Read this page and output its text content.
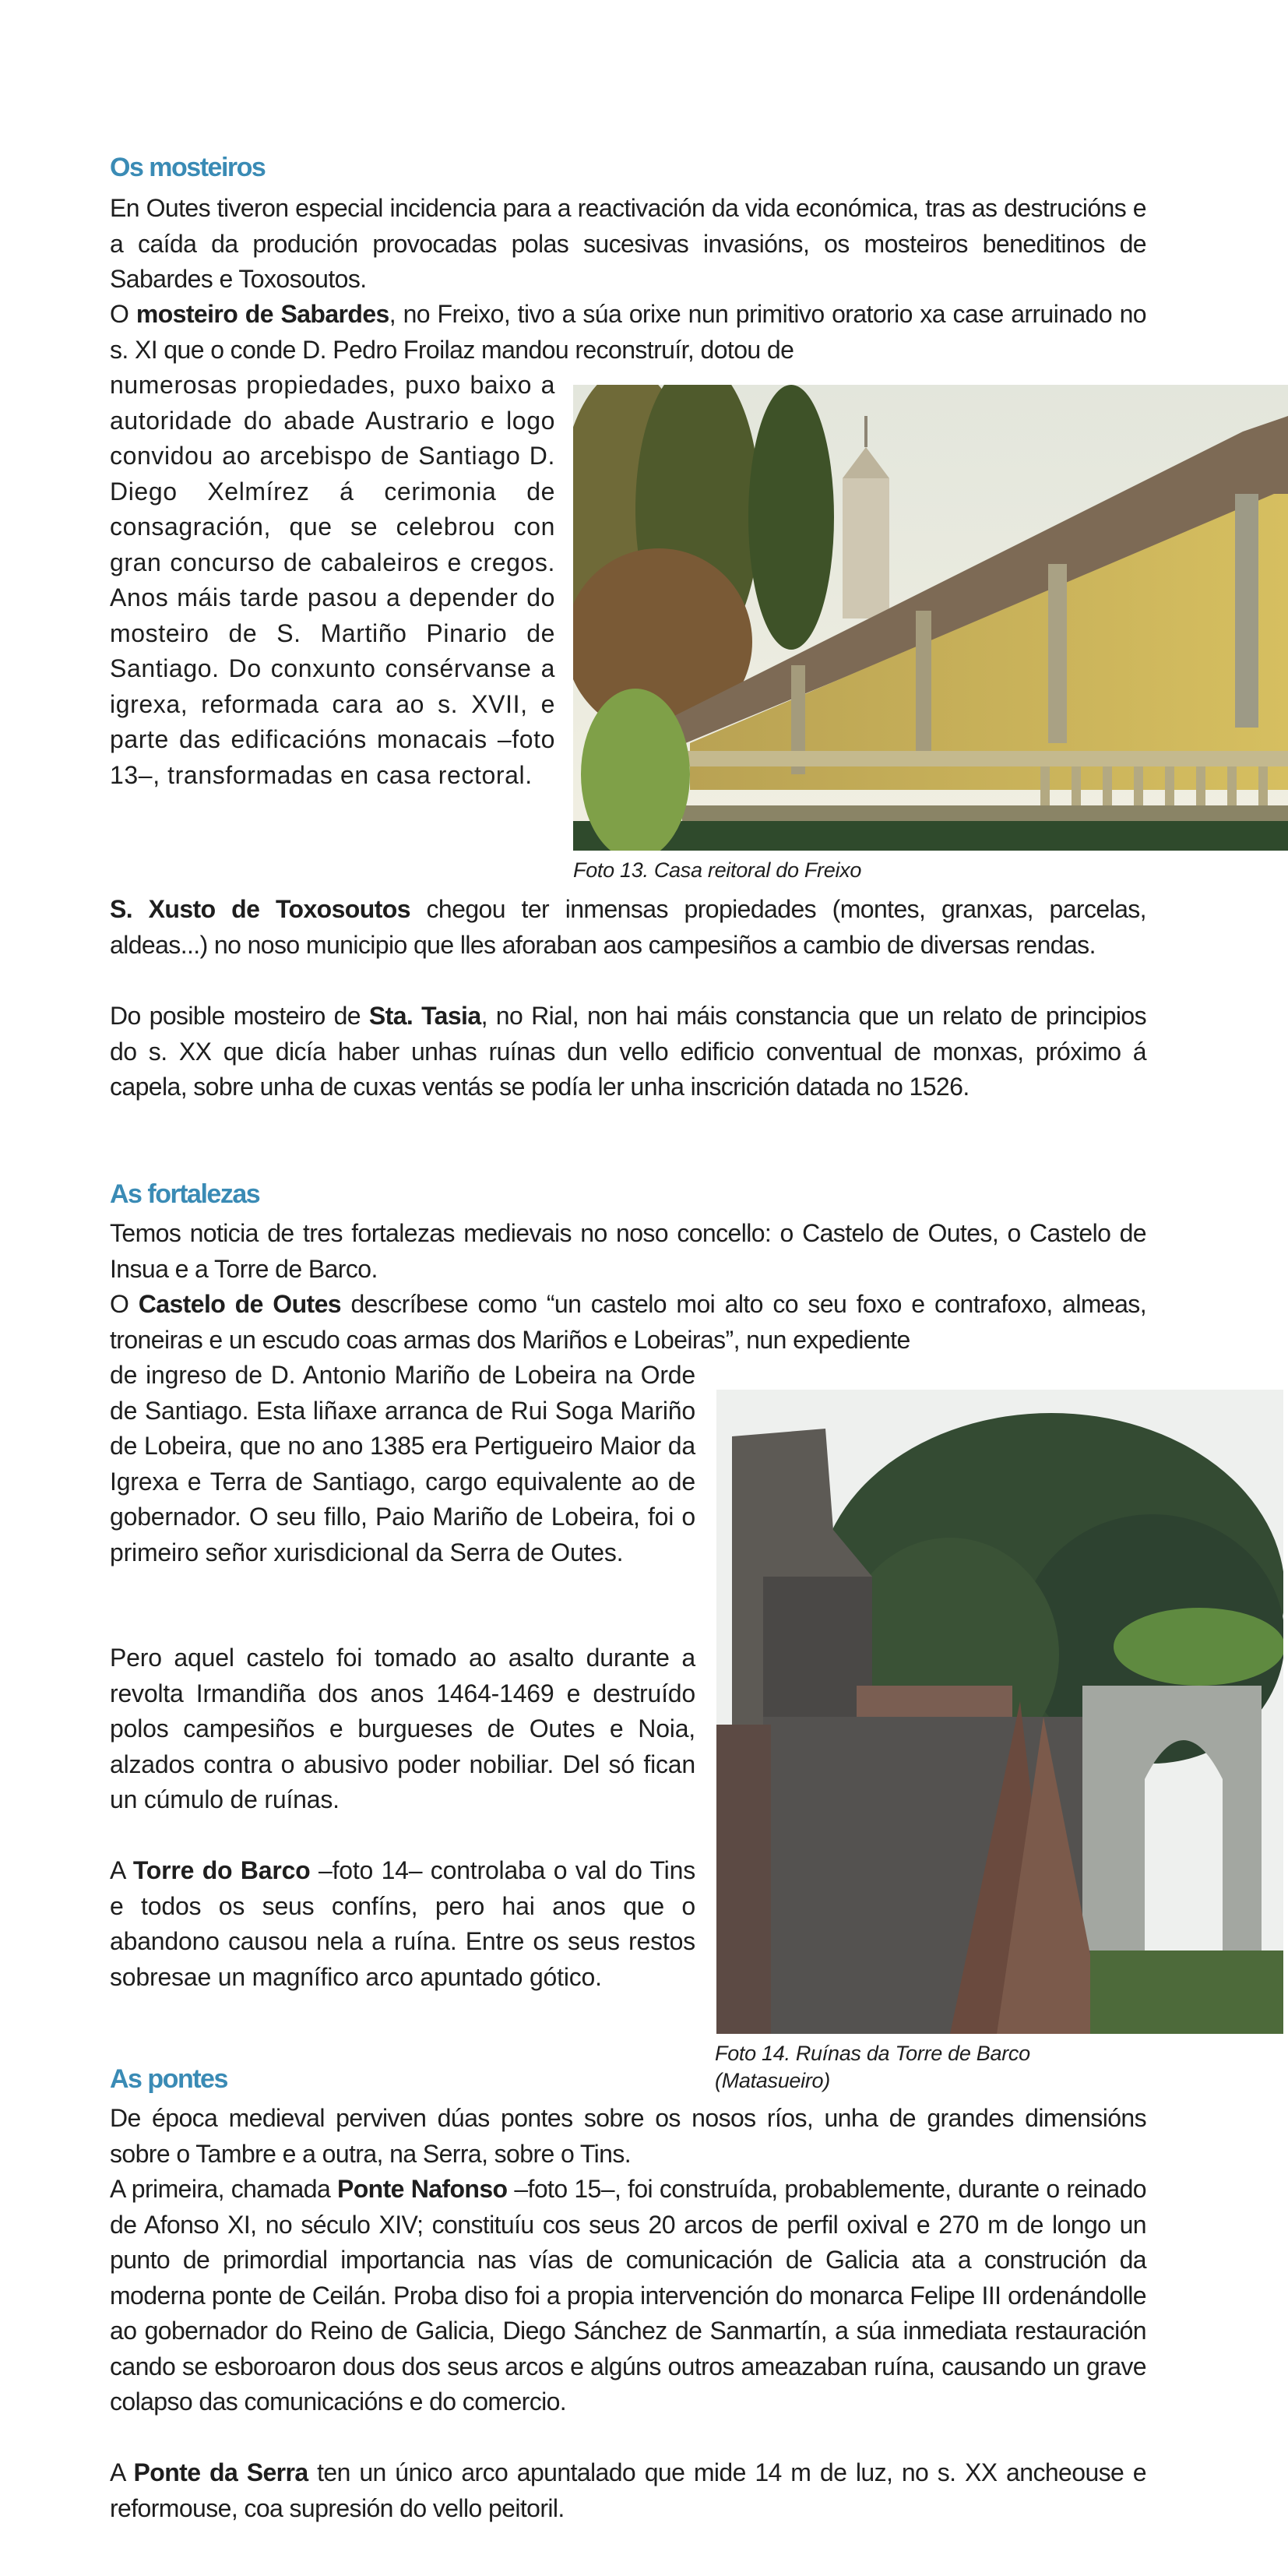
Os mosteiros

En Outes tiveron especial incidencia para a reactivación da vida económica, tras as destrucións e a caída da produción provocadas polas sucesivas invasións, os mosteiros beneditinos de Sabardes e Toxosoutos.

O mosteiro de Sabardes, no Freixo, tivo a súa orixe nun primitivo oratorio xa case arruinado no s. XI que o conde D. Pedro Froilaz mandou reconstruír, dotou de

numerosas propiedades, puxo baixo a autoridade do abade Austrario e logo convidou ao arcebispo de Santiago D. Diego Xelmírez á cerimonia de consagración, que se celebrou con gran concurso de cabaleiros e cregos. Anos máis tarde pasou a depender do mosteiro de S. Martiño Pinario de Santiago. Do conxunto consérvanse a igrexa, reformada cara ao s. XVII, e parte das edificacións monacais –foto 13–, transformadas en casa rectoral.

Foto 13. Casa reitoral do Freixo

S. Xusto de Toxosoutos chegou ter inmensas propiedades (montes, granxas, parcelas, aldeas...) no noso municipio que lles aforaban aos campesiños a cambio de diversas rendas.

Do posible mosteiro de Sta. Tasia, no Rial, non hai máis constancia que un relato de principios do s. XX que dicía haber unhas ruínas dun vello edificio conventual de monxas, próximo á capela, sobre unha de cuxas ventás se podía ler unha inscrición datada no 1526.

As fortalezas

Temos noticia de tres fortalezas medievais no noso concello: o Castelo de Outes, o Castelo de Insua e a Torre de Barco.

O Castelo de Outes descríbese como “un castelo moi alto co seu foxo e contrafoxo, almeas, troneiras e un escudo coas armas dos Mariños e Lobeiras”, nun expediente

de ingreso de D. Antonio Mariño de Lobeira na Orde de Santiago. Esta liñaxe arranca de Rui Soga Mariño de Lobeira, que no ano 1385 era Pertigueiro Maior da Igrexa e Terra de Santiago, cargo equivalente ao de gobernador. O seu fillo, Paio Mariño de Lobeira, foi o primeiro señor xurisdicional da Serra de Outes.

Pero aquel castelo foi tomado ao asalto durante a revolta Irmandiña dos anos 1464-1469 e destruído polos campesiños e burgueses de Outes e Noia, alzados contra o abusivo poder nobiliar. Del só fican un cúmulo de ruínas.

A Torre do Barco –foto 14– controlaba o val do Tins e todos os seus confíns, pero hai anos que o abandono causou nela a ruína. Entre os seus restos sobresae un magnífico arco apuntado gótico.

Foto 14. Ruínas da Torre de Barco

(Matasueiro)

As pontes

De época medieval perviven dúas pontes sobre os nosos ríos, unha de grandes dimensións sobre o Tambre e a outra, na Serra, sobre o Tins.

A primeira, chamada Ponte Nafonso –foto 15–, foi construída, probablemente, durante o reinado de Afonso XI, no século XIV; constituíu cos seus 20 arcos de perfil oxival e 270 m de longo un punto de primordial importancia nas vías de comunicación de Galicia ata a construción da moderna ponte de Ceilán. Proba diso foi a propia intervención do monarca Felipe III ordenándolle ao gobernador do Reino de Galicia, Diego Sánchez de Sanmartín, a súa inmediata restauración cando se esboroaron dous dos seus arcos e algúns outros ameazaban ruína, causando un grave colapso das comunicacións e do comercio.

A Ponte da Serra ten un único arco apuntalado que mide 14 m de luz, no s. XX ancheouse e reformouse, coa supresión do vello peitoril.
